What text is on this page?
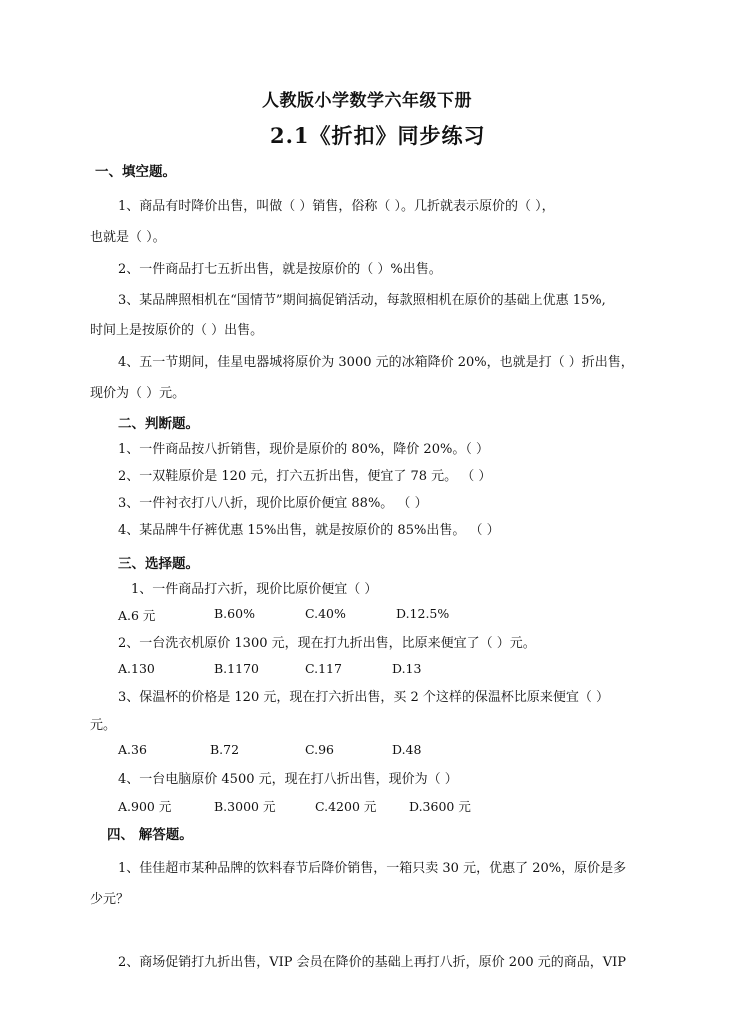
人教版小学数学六年级下册
2.1《折扣》同步练习
一、填空题。
1、商品有时降价出售，叫做（ ）销售，俗称（ ）。几折就表示原价的（ ），
也就是（ ）。
2、一件商品打七五折出售，就是按原价的（ ）%出售。
3、某品牌照相机在“国情节”期间搞促销活动，每款照相机在原价的基础上优惠 15%,
时间上是按原价的（ ）出售。
4、五一节期间，佳星电器城将原价为 3000 元的冰箱降价 20%，也就是打（ ）折出售，
现价为（ ）元。
二、判断题。
1、一件商品按八折销售，现价是原价的 80%，降价 20%。（ ）
2、一双鞋原价是 120 元，打六五折出售，便宜了 78 元。 （ ）
3、一件衬衣打八八折，现价比原价便宜 88%。 （ ）
4、某品牌牛仔裤优惠 15%出售，就是按原价的 85%出售。 （ ）
三、选择题。
1、一件商品打六折，现价比原价便宜（ ）
A.6 元	B.60%	C.40%	D.12.5%
2、一台洗衣机原价 1300 元，现在打九折出售，比原来便宜了（ ）元。
A.130	B.1170	C.117	D.13
3、保温杯的价格是 120 元，现在打六折出售，买 2 个这样的保温杯比原来便宜（ ）
元。
A.36	B.72	C.96	D.48
4、一台电脑原价 4500 元，现在打八折出售，现价为（ ）
A.900 元	B.3000 元	C.4200 元	D.3600 元
四、 解答题。
1、佳佳超市某种品牌的饮料春节后降价销售，一箱只卖 30 元，优惠了 20%，原价是多
少元？
2、商场促销打九折出售，VIP 会员在降价的基础上再打八折，原价 200 元的商品，VIP
